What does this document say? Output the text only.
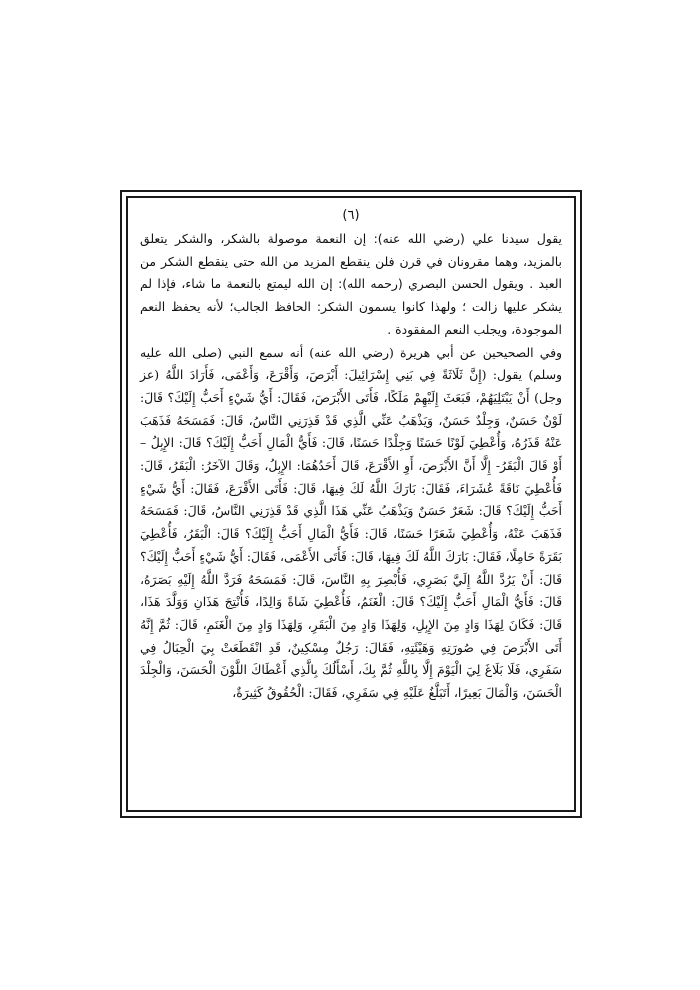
(٦)

يقول سيدنا علي (رضي الله عنه): إن النعمة موصولة بالشكر، والشكر يتعلق بالمزيد، وهما مقرونان في قرن فلن ينقطع المزيد من الله حتى ينقطع الشكر من العبد . ويقول الحسن البصري (رحمه الله): إن الله ليمتع بالنعمة ما شاء، فإذا لم يشكر عليها زالت ؛ ولهذا كانوا يسمون الشكر: الحافظ الجالب؛ لأنه يحفظ النعم الموجودة، ويجلب النعم المفقودة .

وفي الصحيحين عن أبي هريرة (رضي الله عنه) أنه سمع النبي (صلى الله عليه وسلم) يقول: (إِنَّ ثَلَاثَةً فِي بَنِي إِسْرَائِيلَ: أَبْرَصَ، وَأَقْرَعَ، وَأَعْمَى، فَأَرَادَ اللَّهُ (عز وجل) أَنْ يَبْتَلِيَهُمْ، فَبَعَثَ إِلَيْهِمْ مَلَكًا، فَأَتَى الأَبْرَصَ، فَقَالَ: أَيُّ شَيْءٍ أَحَبُّ إِلَيْكَ؟ قَالَ: لَوْنٌ حَسَنٌ، وَجِلْدٌ حَسَنٌ، وَيَذْهَبُ عَنِّي الَّذِي قَدْ قَذِرَنِي النَّاسُ، قَالَ: فَمَسَحَهُ فَذَهَبَ عَنْهُ قَذَرُهُ، وَأُعْطِيَ لَوْنًا حَسَنًا وَجِلْدًا حَسَنًا، قَالَ: فَأَيُّ الْمَالِ أَحَبُّ إِلَيْكَ؟ قَالَ: الإِبِلُ – أَوْ قَالَ الْبَقَرُ- إِلَّا أَنَّ الأَبْرَصَ، أَوِ الأَقْرَعَ، قَالَ أَحَدُهُمَا: الإِبِلُ، وَقَالَ الآخَرُ: الْبَقَرُ، قَالَ: فَأُعْطِيَ نَاقَةً عُشَرَاءَ، فَقَالَ: بَارَكَ اللَّهُ لَكَ فِيهَا، قَالَ: فَأَتَى الأَقْرَعَ، فَقَالَ: أَيُّ شَيْءٍ أَحَبُّ إِلَيْكَ؟ قَالَ: شَعَرٌ حَسَنٌ وَيَذْهَبُ عَنِّي هَذَا الَّذِي قَدْ قَذِرَنِي النَّاسُ، قَالَ: فَمَسَحَهُ فَذَهَبَ عَنْهُ، وَأُعْطِيَ شَعَرًا حَسَنًا، قَالَ: فَأَيُّ الْمَالِ أَحَبُّ إِلَيْكَ؟ قَالَ: الْبَقَرُ، فَأُعْطِيَ بَقَرَةً حَامِلًا، فَقَالَ: بَارَكَ اللَّهُ لَكَ فِيهَا، قَالَ: فَأَتَى الأَعْمَى، فَقَالَ: أَيُّ شَيْءٍ أَحَبُّ إِلَيْكَ؟ قَالَ: أَنْ يَرُدَّ اللَّهُ إِلَيَّ بَصَرِي، فَأُبْصِرَ بِهِ النَّاسَ، قَالَ: فَمَسَحَهُ فَرَدَّ اللَّهُ إِلَيْهِ بَصَرَهُ، قَالَ: فَأَيُّ الْمَالِ أَحَبُّ إِلَيْكَ؟ قَالَ: الْغَنَمُ، فَأُعْطِيَ شَاةً وَالِدًا، فَأُنْتِجَ هَذَانِ وَوَلَّدَ هَذَا، قَالَ: فَكَانَ لِهَذَا وَادٍ مِنَ الإِبِلِ، وَلِهَذَا وَادٍ مِنَ الْبَقَرِ، وَلِهَذَا وَادٍ مِنَ الْغَنَمِ، قَالَ: ثُمَّ إِنَّهُ أَتَى الأَبْرَصَ فِي صُورَتِهِ وَهَيْئَتِهِ، فَقَالَ: رَجُلٌ مِسْكِينٌ، قَدِ انْقَطَعَتْ بِيَ الْحِبَالُ فِي سَفَرِي، فَلَا بَلَاغَ لِيَ الْيَوْمَ إِلَّا بِاللَّهِ ثُمَّ بِكَ، أَسْأَلُكَ بِالَّذِي أَعْطَاكَ اللَّوْنَ الْحَسَنَ، وَالْجِلْدَ الْحَسَنَ، وَالْمَالَ بَعِيرًا، أَتَبَلَّغُ عَلَيْهِ فِي سَفَرِي، فَقَالَ: الْحُقُوقُ كَثِيرَةٌ،
